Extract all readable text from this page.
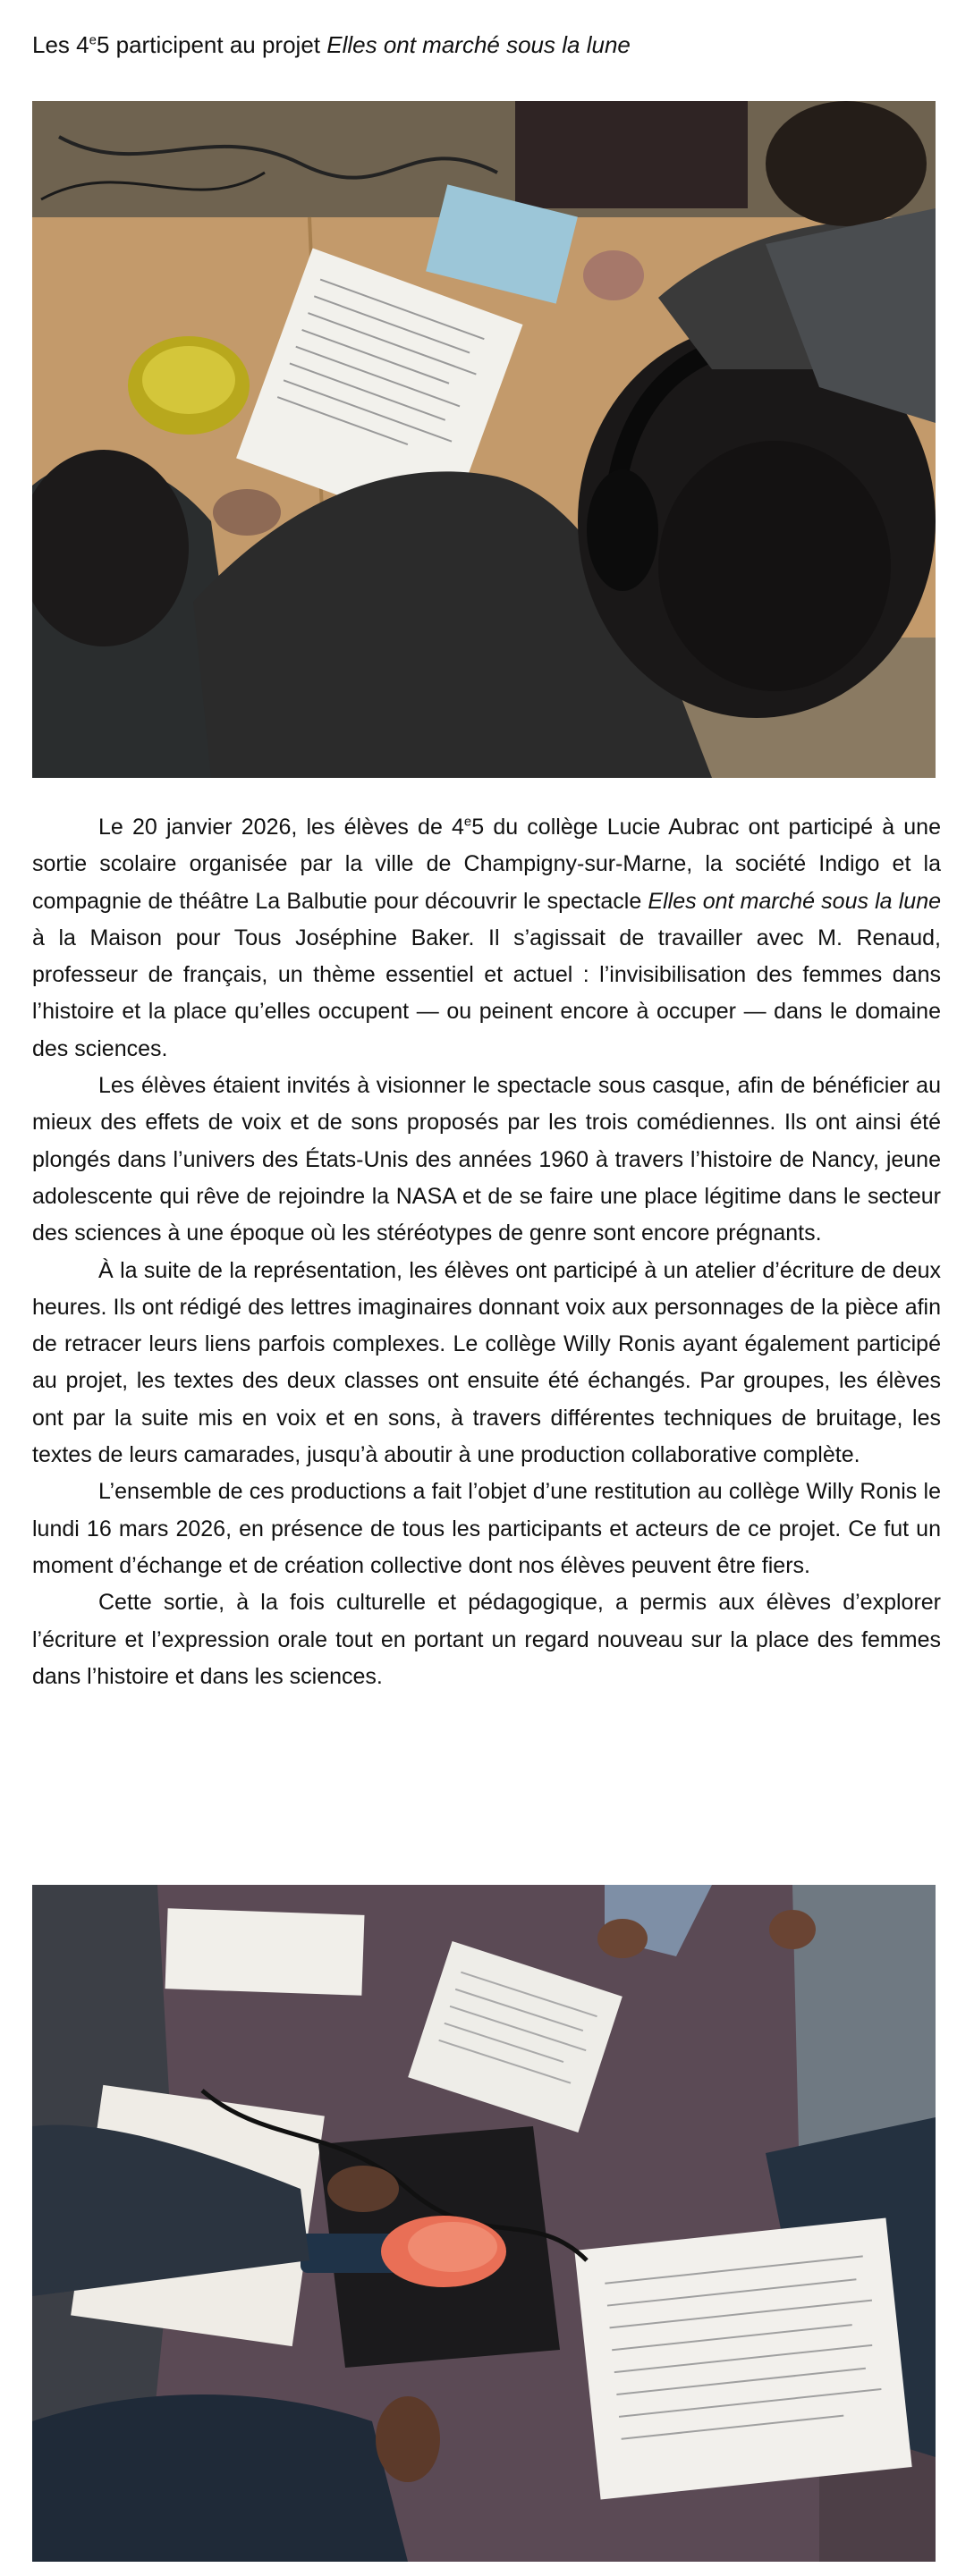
Les 4e5 participent au projet Elles ont marché sous la lune

Le 20 janvier 2026, les élèves de 4e5 du collège Lucie Aubrac ont participé à une sortie scolaire organisée par la ville de Champigny-sur-Marne, la société Indigo et la compagnie de théâtre La Balbutie pour découvrir le spectacle Elles ont marché sous la lune à la Maison pour Tous Joséphine Baker. Il s’agissait de travailler avec M. Renaud, professeur de français, un thème essentiel et actuel : l’invisibilisation des femmes dans l’histoire et la place qu’elles occupent — ou peinent encore à occuper — dans le domaine des sciences.

Les élèves étaient invités à visionner le spectacle sous casque, afin de bénéficier au mieux des effets de voix et de sons proposés par les trois comédiennes. Ils ont ainsi été plongés dans l’univers des États-Unis des années 1960 à travers l’histoire de Nancy, jeune adolescente qui rêve de rejoindre la NASA et de se faire une place légitime dans le secteur des sciences à une époque où les stéréotypes de genre sont encore prégnants.

À la suite de la représentation, les élèves ont participé à un atelier d’écriture de deux heures. Ils ont rédigé des lettres imaginaires donnant voix aux personnages de la pièce afin de retracer leurs liens parfois complexes. Le collège Willy Ronis ayant également participé au projet, les textes des deux classes ont ensuite été échangés. Par groupes, les élèves ont par la suite mis en voix et en sons, à travers différentes techniques de bruitage, les textes de leurs camarades, jusqu’à aboutir à une production collaborative complète.

L’ensemble de ces productions a fait l’objet d’une restitution au collège Willy Ronis le lundi 16 mars 2026, en présence de tous les participants et acteurs de ce projet. Ce fut un moment d’échange et de création collective dont nos élèves peuvent être fiers.

Cette sortie, à la fois culturelle et pédagogique, a permis aux élèves d’explorer l’écriture et l’expression orale tout en portant un regard nouveau sur la place des femmes dans l’histoire et dans les sciences.
